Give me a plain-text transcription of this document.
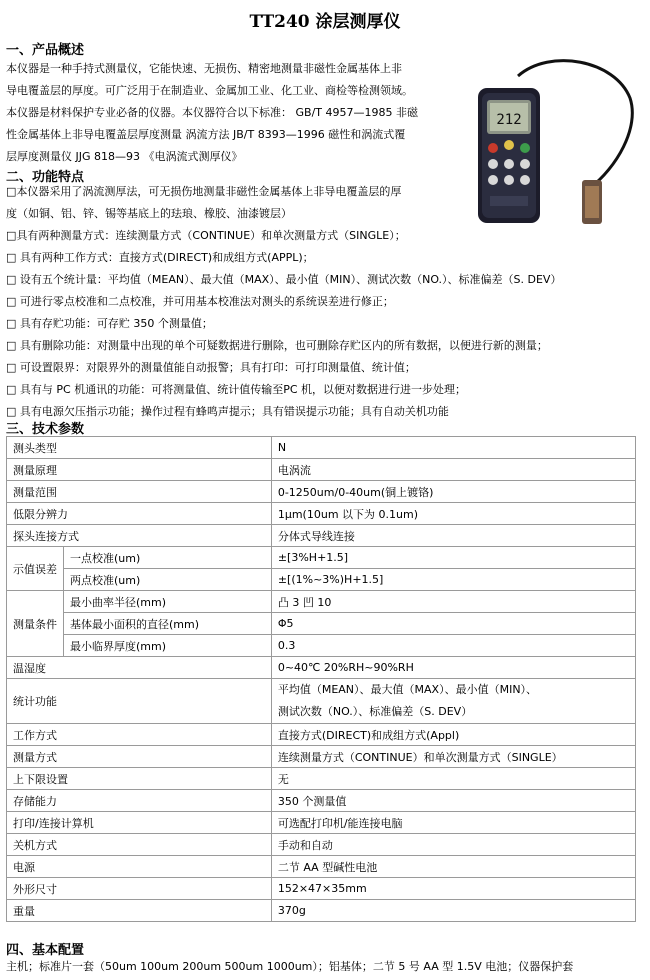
TT240 涂层测厚仪
一、产品概述
本仪器是一种手持式测量仪，它能快速、无损伤、精密地测量非磁性金属基体上非
导电覆盖层的厚度。可广泛用于在制造业、金属加工业、化工业、商检等检测领域。
本仪器是材料保护专业必备的仪器。本仪器符合以下标准： GB/T 4957—1985 非磁
性金属基体上非导电覆盖层厚度测量 涡流方法 JB/T 8393—1996 磁性和涡流式覆
层厚度测量仪 JJG 818—93 《电涡流式测厚仪》
212
二、功能特点
□本仪器采用了涡流测厚法，可无损伤地测量非磁性金属基体上非导电覆盖层的厚
度（如铜、铝、锌、锡等基底上的珐琅、橡胶、油漆镀层）
□具有两种测量方式：连续测量方式（CONTINUE）和单次测量方式（SINGLE）；
□ 具有两种工作方式：直接方式(DIRECT)和成组方式(APPL)；
□ 设有五个统计量：平均值（MEAN）、最大值（MAX）、最小值（MIN）、测试次数（NO.）、标准偏差（S. DEV）
□ 可进行零点校准和二点校准，并可用基本校准法对测头的系统误差进行修正；
□ 具有存贮功能：可存贮 350 个测量值；
□ 具有删除功能：对测量中出现的单个可疑数据进行删除，也可删除存贮区内的所有数据，以便进行新的测量；
□ 可设置限界：对限界外的测量值能自动报警；具有打印：可打印测量值、统计值；
□ 具有与 PC 机通讯的功能：可将测量值、统计值传输至PC 机，以便对数据进行进一步处理；
□ 具有电源欠压指示功能；操作过程有蜂鸣声提示；具有错误提示功能；具有自动关机功能
三、技术参数
测头类型		N
测量原理		电涡流
测量范围		0-1250um/0-40um(铜上镀铬)
低限分辨力		1μm(10um 以下为 0.1um)
探头连接方式		分体式导线连接
示值误差	一点校准(um)	±[3%H+1.5]
	两点校准(um)	±[(1%~3%)H+1.5]
测量条件	最小曲率半径(mm)	凸 3 凹 10
	基体最小面积的直径(mm)	Φ5
	最小临界厚度(mm)	0.3
温湿度		0~40℃ 20%RH~90%RH
统计功能		平均值（MEAN）、最大值（MAX）、最小值（MIN）、
测试次数（NO.）、标准偏差（S. DEV）

工作方式		直接方式(DIRECT)和成组方式(Appl)
测量方式		连续测量方式（CONTINUE）和单次测量方式（SINGLE）
上下限设置		无
存储能力		350 个测量值
打印/连接计算机		可选配打印机/能连接电脑
关机方式		手动和自动
电源		二节 AA 型碱性电池
外形尺寸		152×47×35mm
重量		370g
四、基本配置
主机；标准片一套（50um 100um 200um 500um 1000um）；铝基体；二节 5 号 AA 型 1.5V 电池；仪器保护套
